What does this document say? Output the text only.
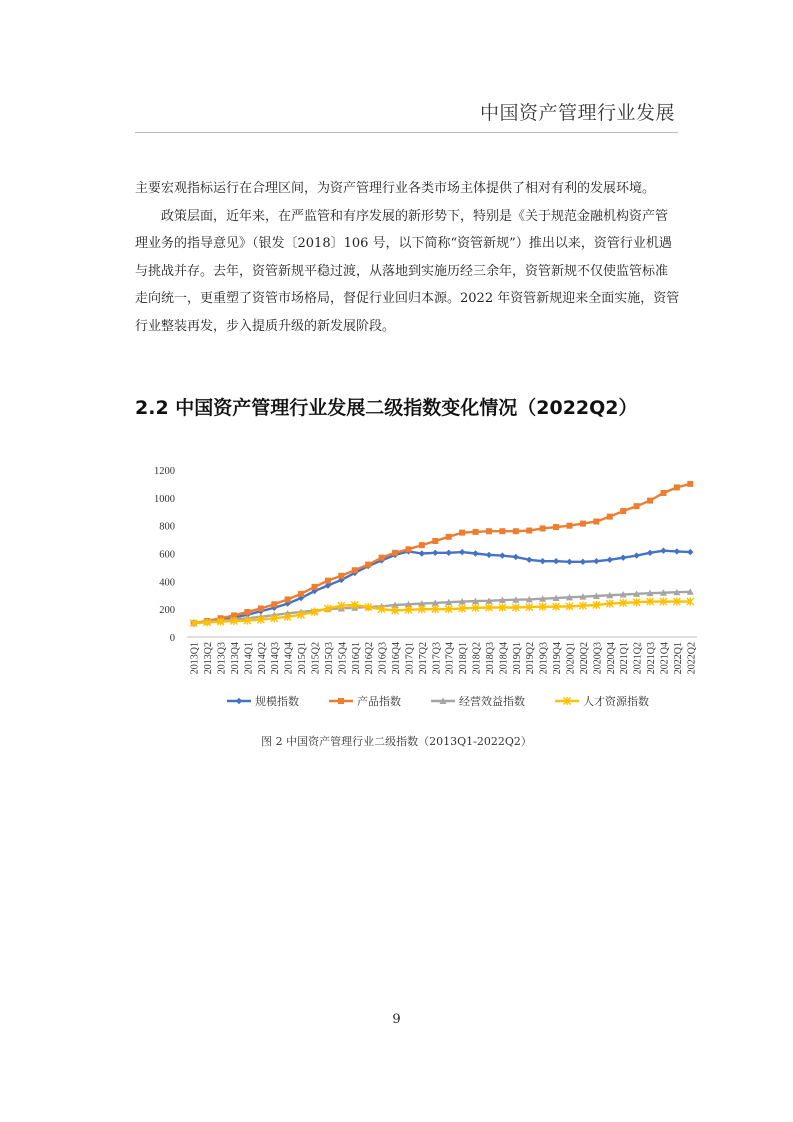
中国资产管理行业发展

主要宏观指标运行在合理区间，为资产管理行业各类市场主体提供了相对有利的发展环境。

政策层面，近年来，在严监管和有序发展的新形势下，特别是《关于规范金融机构资产管理业务的指导意见》（银发〔2018〕106 号，以下简称“资管新规”）推出以来，资管行业机遇与挑战并存。去年，资管新规平稳过渡，从落地到实施历经三余年，资管新规不仅使监管标准走向统一，更重塑了资管市场格局，督促行业回归本源。2022 年资管新规迎来全面实施，资管行业整装再发，步入提质升级的新发展阶段。

2.2 中国资产管理行业发展二级指数变化情况（2022Q2）
0
200
400
600
800
1000
1200
2013Q1 2013Q2 2013Q3 2013Q4 2014Q1 2014Q2 2014Q3 2014Q4 2015Q1 2015Q2 2015Q3 2015Q4 2016Q1 2016Q2 2016Q3 2016Q4 2017Q1 2017Q2 2017Q3 2017Q4 2018Q1 2018Q2 2018Q3 2018Q4 2019Q1 2019Q2 2019Q3 2019Q4 2020Q1 2020Q2 2020Q3 2020Q4 2021Q1 2021Q2 2021Q3 2021Q4 2022Q1 2022Q2
规模指数	产品指数	经营效益指数	人才资源指数
图 2 中国资产管理行业二级指数（2013Q1-2022Q2）
9
